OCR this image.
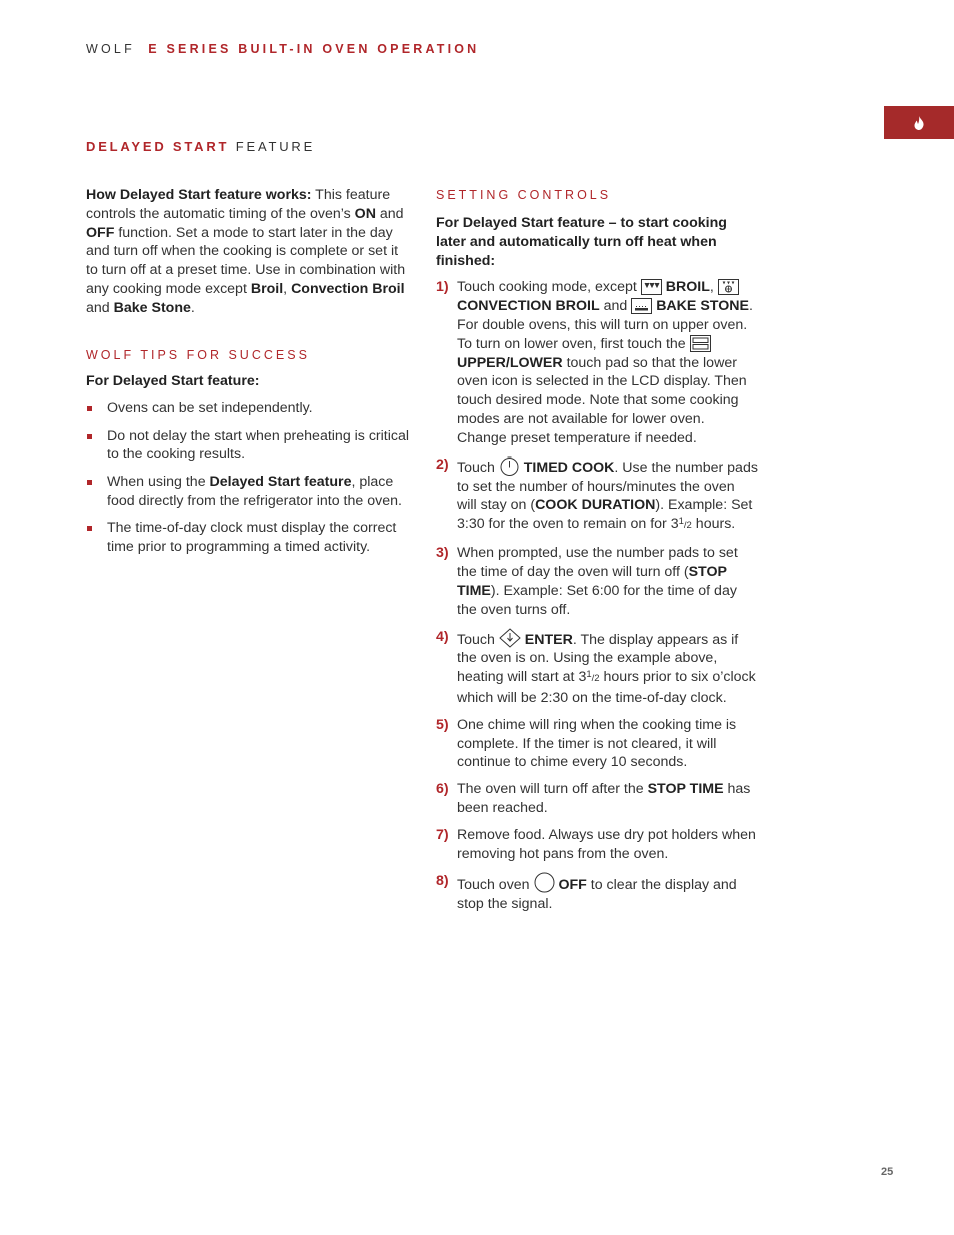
WOLF E SERIES BUILT-IN OVEN OPERATION
DELAYED START FEATURE

How Delayed Start feature works: This feature controls the automatic timing of the oven’s ON and OFF function. Set a mode to start later in the day and turn off when the cooking is complete or set it to turn off at a preset time. Use in combination with any cooking mode except Broil, Convection Broil and Bake Stone.

WOLF TIPS FOR SUCCESS

For Delayed Start feature:

Ovens can be set independently.
Do not delay the start when preheating is critical to the cooking results.
When using the Delayed Start feature, place food directly from the refrigerator into the oven.
The time-of-day clock must display the correct time prior to programming a timed activity.
SETTING CONTROLS

For Delayed Start feature – to start cooking later and automatically turn off heat when finished:

1) Touch cooking mode, except  BROIL,  CONVECTION BROIL and  BAKE STONE. For double ovens, this will turn on upper oven. To turn on lower oven, first touch the  UPPER/LOWER touch pad so that the lower oven icon is selected in the LCD display. Then touch desired mode. Note that some cooking modes are not available for lower oven. Change preset temperature if needed.
2) Touch  TIMED COOK. Use the number pads to set the number of hours/minutes the oven will stay on (COOK DURATION). Example: Set 3:30 for the oven to remain on for $3^1/2$ hours.
3) When prompted, use the number pads to set the time of day the oven will turn off (STOP TIME). Example: Set 6:00 for the time of day the oven turns off.
4) Touch  ENTER. The display appears as if the oven is on. Using the example above, heating will start at $3^1/2$ hours prior to six o’clock which will be 2:30 on the time-of-day clock.
5) One chime will ring when the cooking time is complete. If the timer is not cleared, it will continue to chime every 10 seconds.
6) The oven will turn off after the STOP TIME has been reached.
7) Remove food. Always use dry pot holders when removing hot pans from the oven.
8) Touch oven  OFF to clear the display and stop the signal.
25
